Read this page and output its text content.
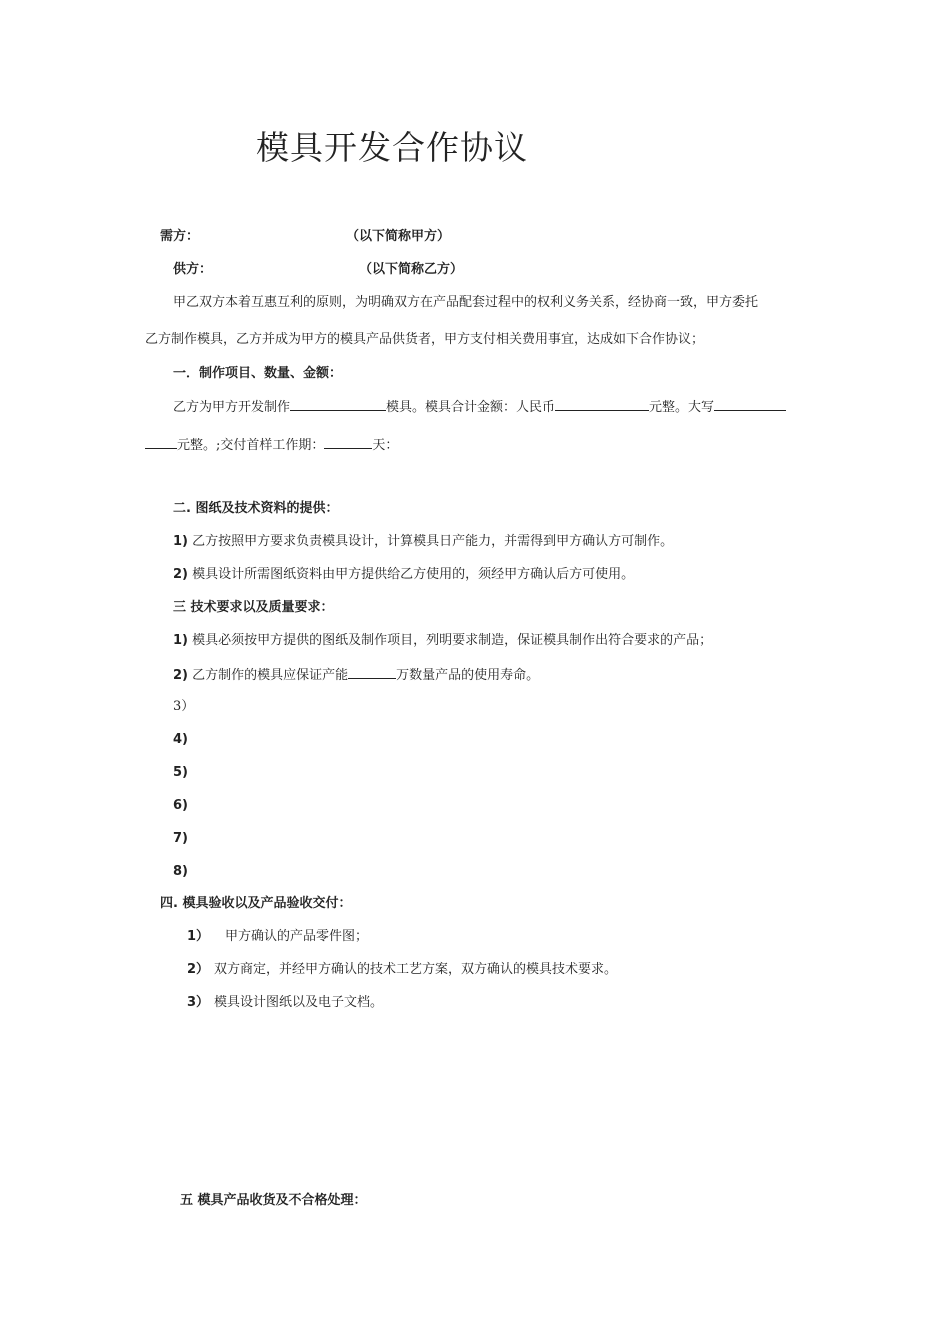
模具开发合作协议
需方：	（以下简称甲方）
供方：	（以下简称乙方）
甲乙双方本着互惠互利的原则，为明确双方在产品配套过程中的权利义务关系，经协商一致，甲方委托
乙方制作模具，乙方并成为甲方的模具产品供货者，甲方支付相关费用事宜，达成如下合作协议；
一．制作项目、数量、金额：
乙方为甲方开发制作	模具。模具合计金额：人民币	元整。大写
元整。;交付首样工作期：	天：
二. 图纸及技术资料的提供：
1) 乙方按照甲方要求负责模具设计，计算模具日产能力，并需得到甲方确认方可制作。
2) 模具设计所需图纸资料由甲方提供给乙方使用的，须经甲方确认后方可使用。
三 技术要求以及质量要求：
1) 模具必须按甲方提供的图纸及制作项目，列明要求制造，保证模具制作出符合要求的产品；
2) 乙方制作的模具应保证产能	万数量产品的使用寿命。
3）
4)
5)
6)
7)
8)
四. 模具验收以及产品验收交付：
1） 甲方确认的产品零件图；
2） 双方商定，并经甲方确认的技术工艺方案，双方确认的模具技术要求。
3） 模具设计图纸以及电子文档。
五 模具产品收货及不合格处理：
